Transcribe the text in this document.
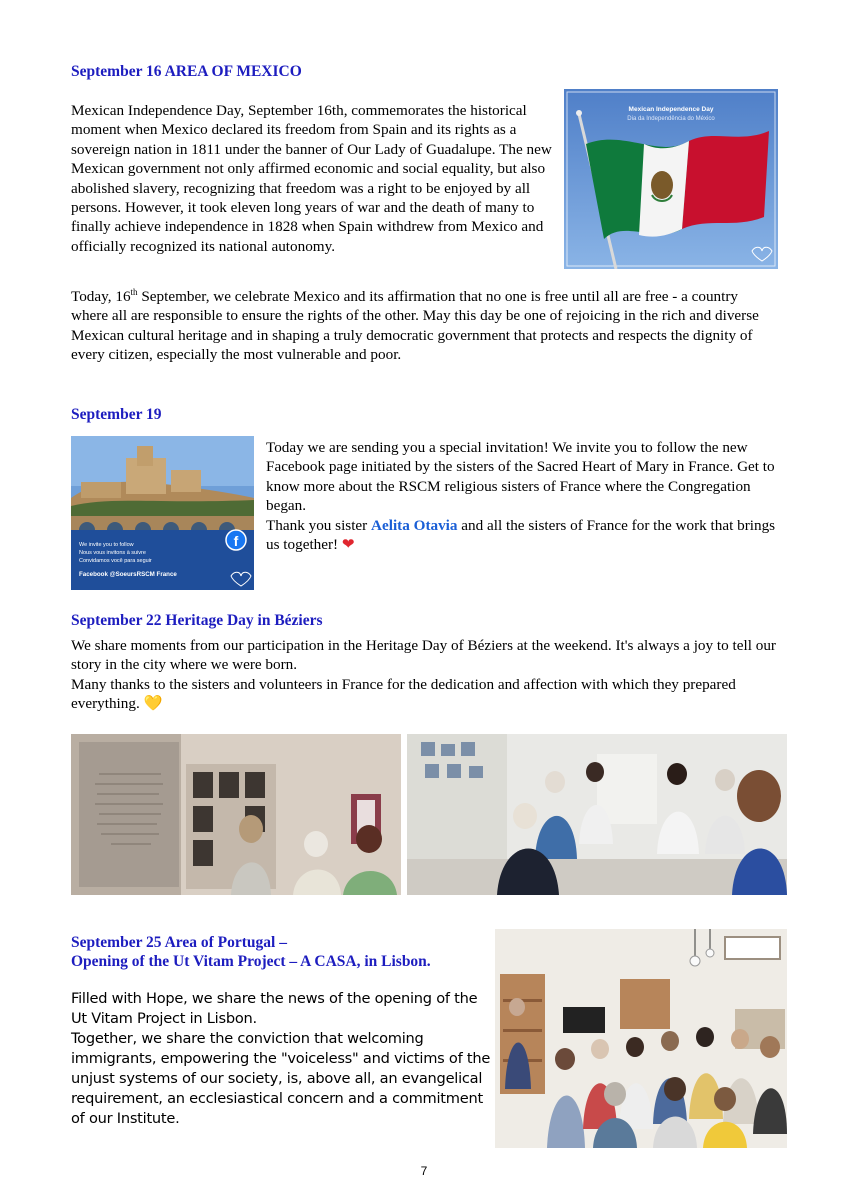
September 16 AREA OF MEXICO

Mexican Independence Day, September 16th, commemorates the historical moment when Mexico declared its freedom from Spain and its rights as a sovereign nation in 1811 under the banner of Our Lady of Guadalupe. The new Mexican government not only affirmed economic and social equality, but also abolished slavery, recognizing that freedom was a right to be enjoyed by all persons. However, it took eleven long years of war and the death of many to finally achieve independence in 1828 when Spain withdrew from Mexico and officially recognized its national autonomy.

Mexican Independence Day
Dia da Independência do México

Today, 16th September, we celebrate Mexico and its affirmation that no one is free until all are free - a country where all are responsible to ensure the rights of the other. May this day be one of rejoicing in the rich and diverse Mexican cultural heritage and in shaping a truly democratic government that protects and respects the dignity of every citizen, especially the most vulnerable and poor.

September 19
We invite you to follow
Nous vous invitons à suivre
Convidamos você para seguir
Facebook @SoeursRSCM France
f

Today we are sending you a special invitation! We invite you to follow the new Facebook page initiated by the sisters of the Sacred Heart of Mary in France. Get to know more about the RSCM religious sisters of France where the Congregation began.

Thank you sister Aelita Otavia and all the sisters of France for the work that brings us together! ❤

September 22 Heritage Day in Béziers

We share moments from our participation in the Heritage Day of Béziers at the weekend. It's always a joy to tell our story in the city where we were born.

Many thanks to the sisters and volunteers in France for the dedication and affection with which they prepared everything. 💛

September 25 Area of Portugal –
Opening of the Ut Vitam Project – A CASA, in Lisbon.

Filled with Hope, we share the news of the opening of the Ut Vitam Project in Lisbon.

Together, we share the conviction that welcoming immigrants, empowering the "voiceless" and victims of the unjust systems of our society, is, above all, an evangelical requirement, an ecclesiastical concern and a commitment of our Institute.

7
